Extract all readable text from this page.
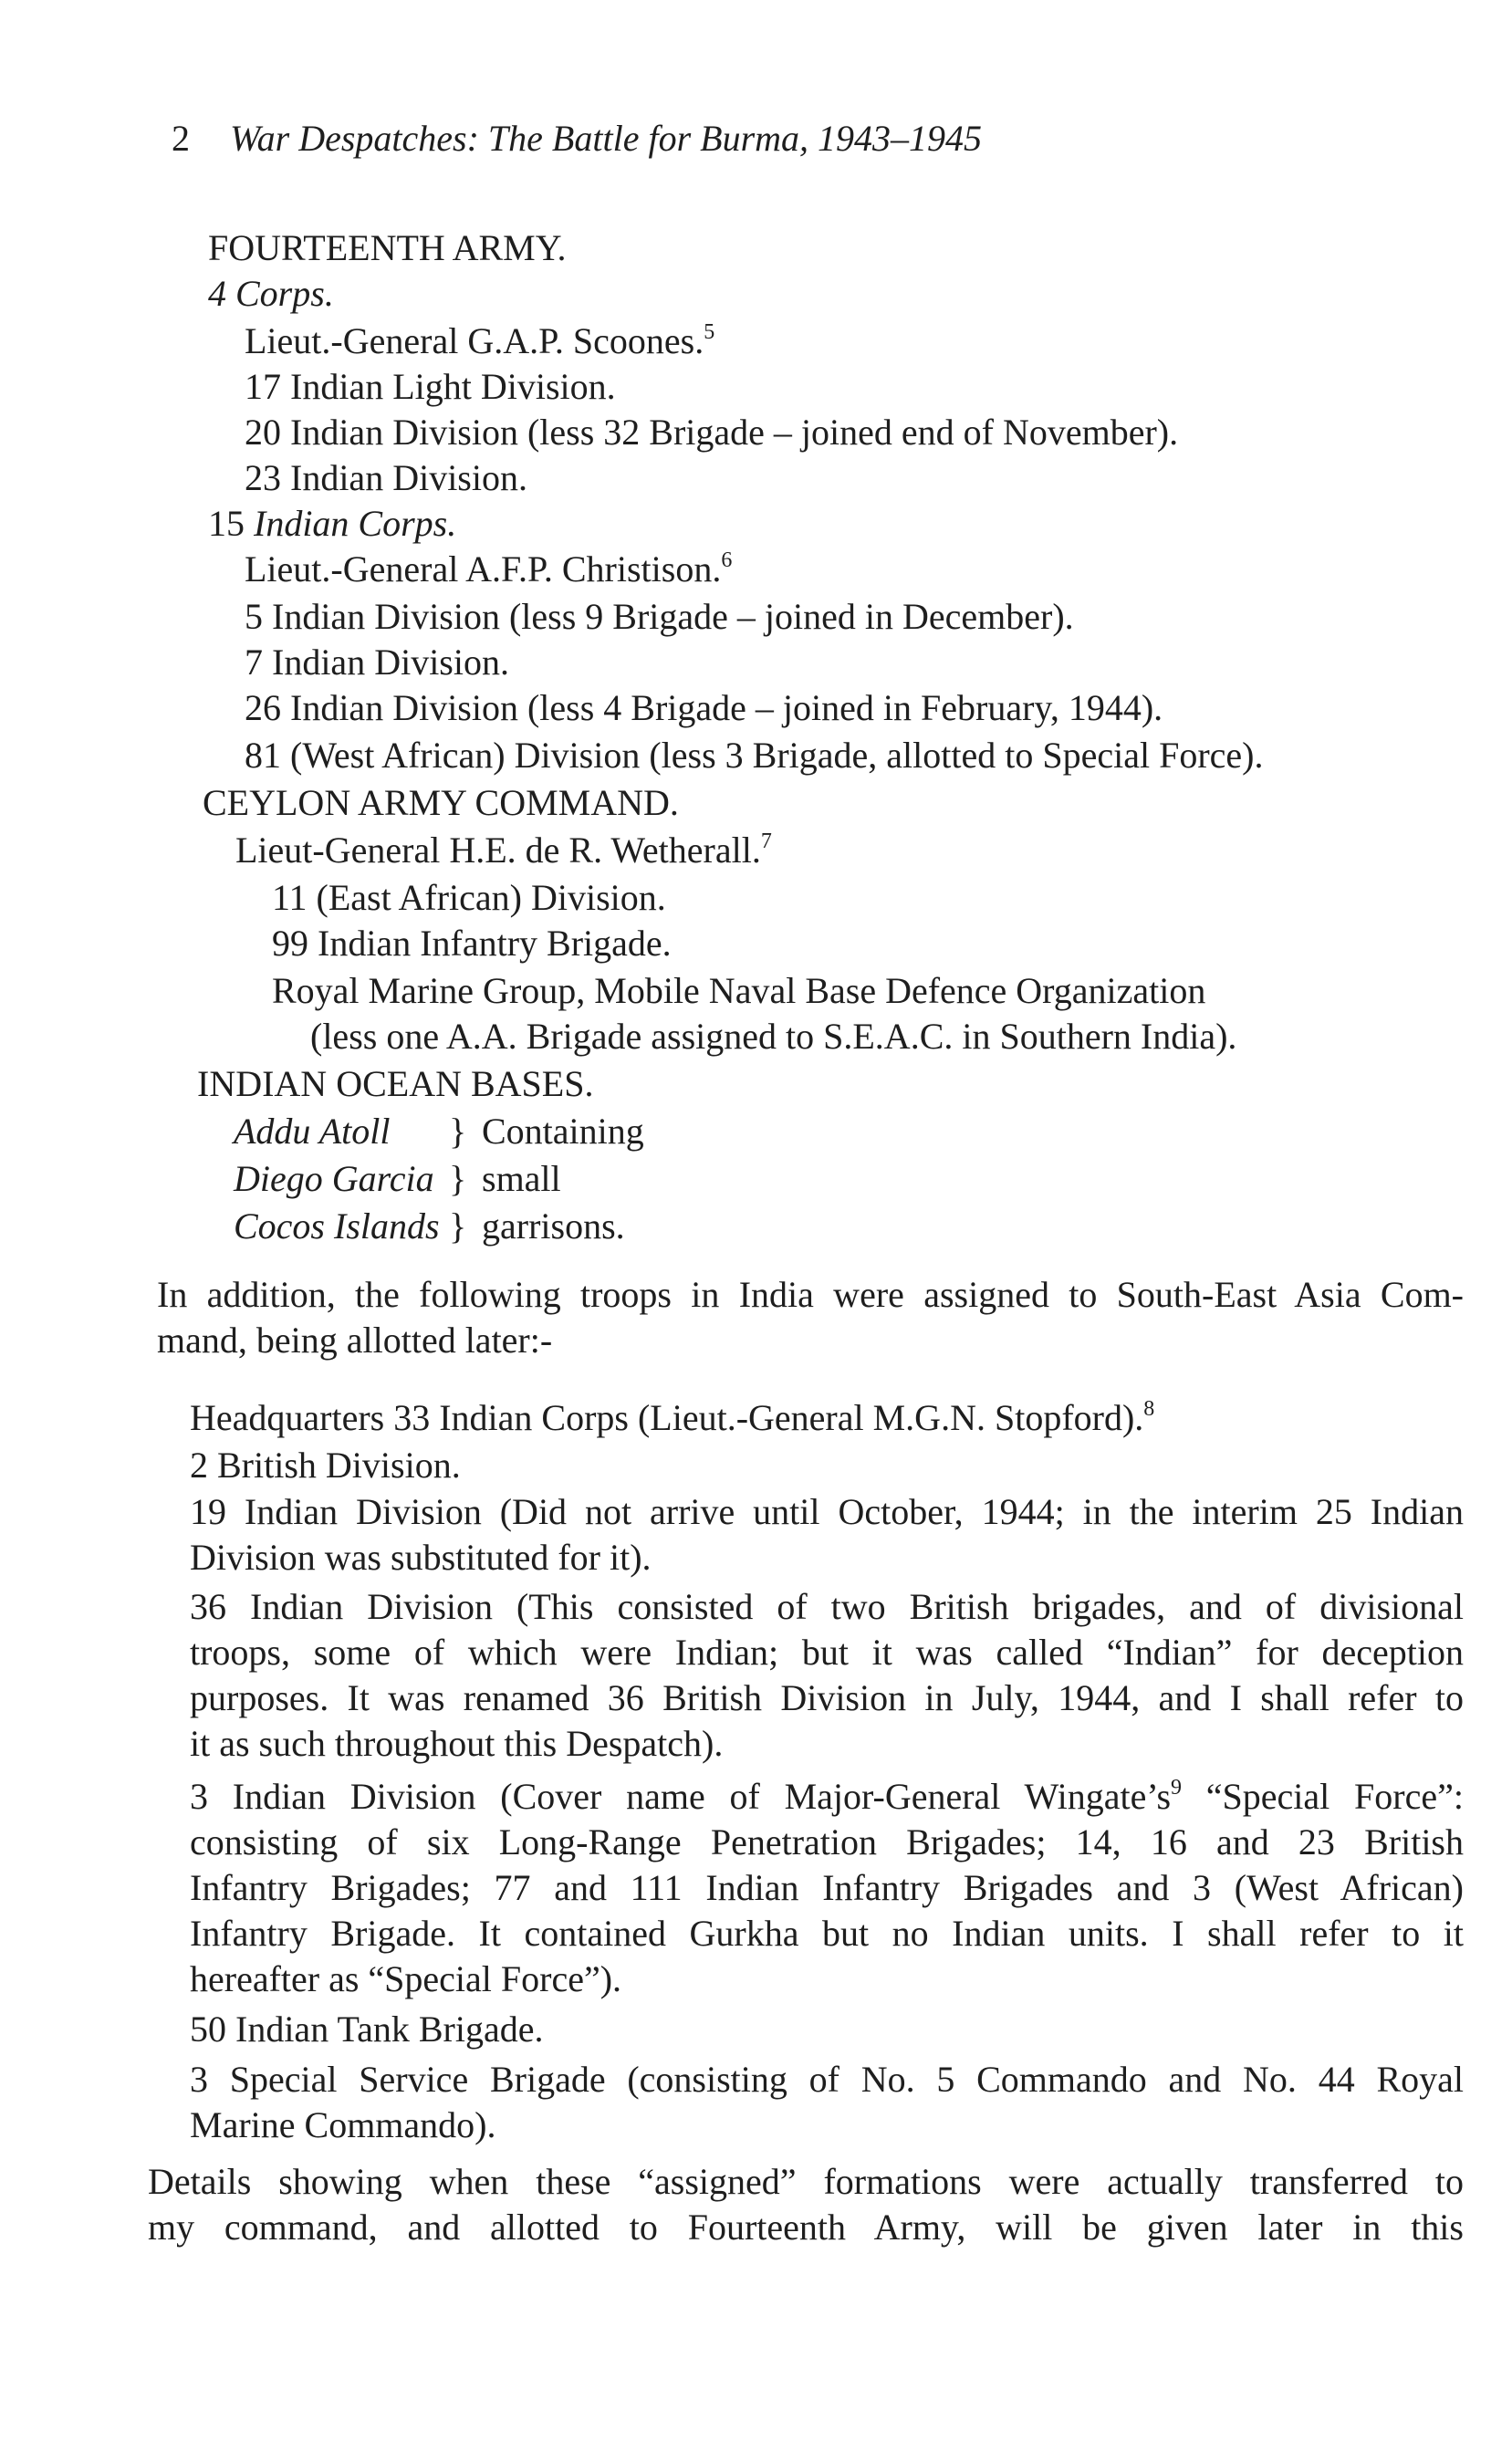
2 War Despatches: The Battle for Burma, 1943–1945
FOURTEENTH ARMY.
4 Corps.
Lieut.-General G.A.P. Scoones.$^5$
17 Indian Light Division.
20 Indian Division (less 32 Brigade – joined end of November).
23 Indian Division.
15 Indian Corps.
Lieut.-General A.F.P. Christison.$^6$
5 Indian Division (less 9 Brigade – joined in December).
7 Indian Division.
26 Indian Division (less 4 Brigade – joined in February, 1944).
81 (West African) Division (less 3 Brigade, allotted to Special Force).
CEYLON ARMY COMMAND.
Lieut-General H.E. de R. Wetherall.$^7$
11 (East African) Division.
99 Indian Infantry Brigade.
Royal Marine Group, Mobile Naval Base Defence Organization
(less one A.A. Brigade assigned to S.E.A.C. in Southern India).
INDIAN OCEAN BASES.
Addu Atoll } Containing
Diego Garcia } small
Cocos Islands } garrisons.
In addition, the following troops in India were assigned to South-East Asia Com-
mand, being allotted later:-
Headquarters 33 Indian Corps (Lieut.-General M.G.N. Stopford).$^8$
2 British Division.
19 Indian Division (Did not arrive until October, 1944; in the interim 25 Indian
Division was substituted for it).
36 Indian Division (This consisted of two British brigades, and of divisional
troops, some of which were Indian; but it was called “Indian” for deception
purposes. It was renamed 36 British Division in July, 1944, and I shall refer to
it as such throughout this Despatch).
3 Indian Division (Cover name of Major-General $Wingate’s^9$ “Special Force”:
consisting of six Long-Range Penetration Brigades; 14, 16 and 23 British
Infantry Brigades; 77 and 111 Indian Infantry Brigades and 3 (West African)
Infantry Brigade. It contained Gurkha but no Indian units. I shall refer to it
hereafter as “Special Force”).
50 Indian Tank Brigade.
3 Special Service Brigade (consisting of No. 5 Commando and No. 44 Royal
Marine Commando).
Details showing when these “assigned” formations were actually transferred to
my command, and allotted to Fourteenth Army, will be given later in this
